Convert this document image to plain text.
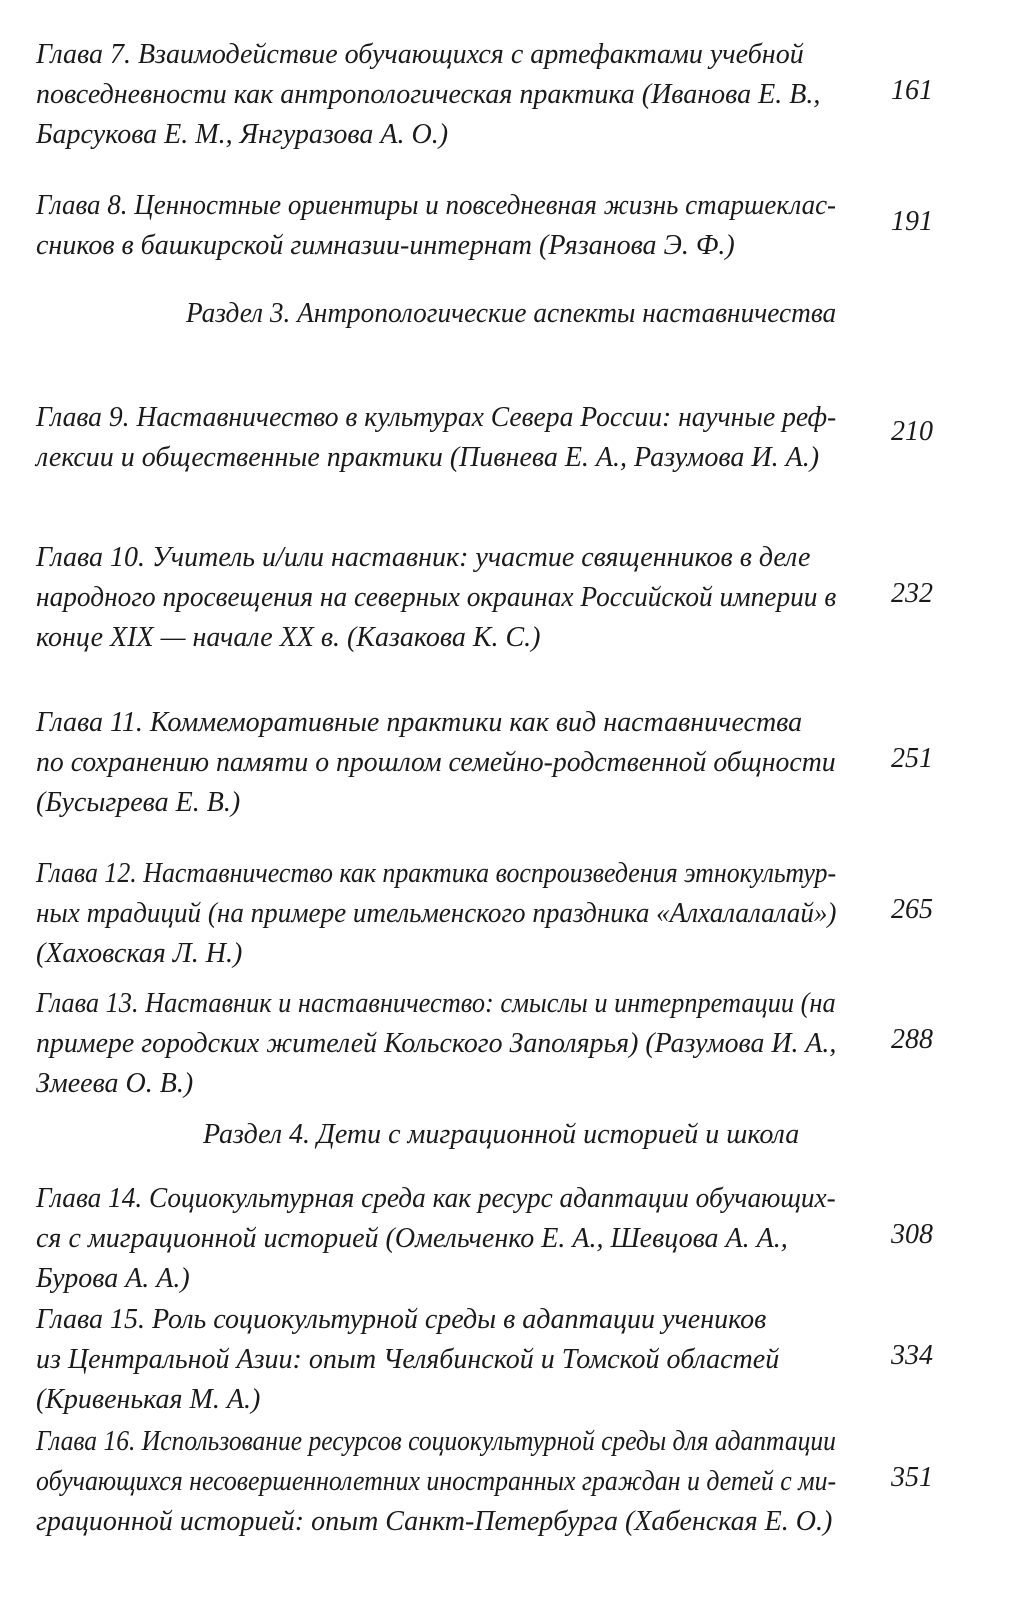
Глава 7. Взаимодействие обучающихся с артефактами учебной
повседневности как антропологическая практика (Иванова Е. В.,
Барсукова Е. М., Янгуразова А. О.)
161
Глава 8. Ценностные ориентиры и повседневная жизнь старшеклас-
сников в башкирской гимназии-интернат (Рязанова Э. Ф.)
191
Раздел 3. Антропологические аспекты наставничества
Глава 9. Наставничество в культурах Севера России: научные реф-
лексии и общественные практики (Пивнева Е. А., Разумова И. А.)
210
Глава 10. Учитель и/или наставник: участие священников в деле
народного просвещения на северных окраинах Российской империи в
конце XIX — начале XX в. (Казакова К. С.)
232
Глава 11. Коммеморативные практики как вид наставничества
по сохранению памяти о прошлом семейно-родственной общности
(Бусыгрева Е. В.)
251
Глава 12. Наставничество как практика воспроизведения этнокультур-
ных традиций (на примере ительменского праздника «Алхалалалай»)
(Хаховская Л. Н.)
265
Глава 13. Наставник и наставничество: смыслы и интерпретации (на
примере городских жителей Кольского Заполярья) (Разумова И. А.,
Змеева О. В.)
288
Раздел 4. Дети с миграционной историей и школа
Глава 14. Социокультурная среда как ресурс адаптации обучающих-
ся с миграционной историей (Омельченко Е. А., Шевцова А. А.,
Бурова А. А.)
308
Глава 15. Роль социокультурной среды в адаптации учеников
из Центральной Азии: опыт Челябинской и Томской областей
(Кривенькая М. А.)
334
Глава 16. Использование ресурсов социокультурной среды для адаптации
обучающихся несовершеннолетних иностранных граждан и детей с ми-
грационной историей: опыт Санкт-Петербурга (Хабенская Е. О.)
351
